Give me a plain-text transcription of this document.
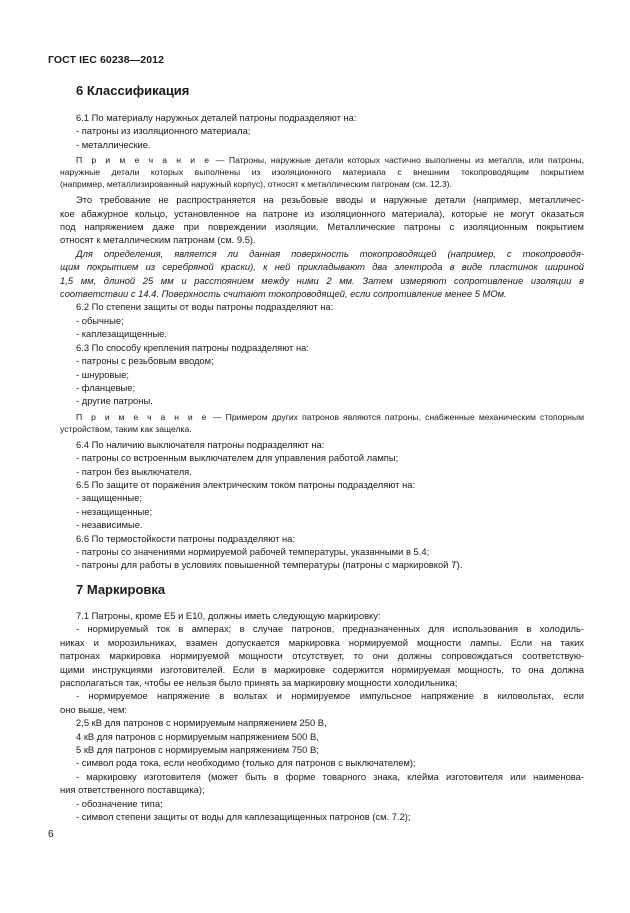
ГОСТ IEC 60238—2012
6 Классификация

6.1 По материалу наружных деталей патроны подразделяют на:

- патроны из изоляционного материала;

- металлические.

П р и м е ч а н и е — Патроны, наружные детали которых частично выполнены из металла, или патроны,

наружные детали которых выполнены из изоляционного материала с внешним токопроводящим покрытием

(например, металлизированный наружный корпус), относят к металлическим патронам (см. 12.3).

Это требование не распространяется на резьбовые вводы и наружные детали (например, металличес-

кое абажурное кольцо, установленное на патроне из изоляционного материала), которые не могут оказаться

под напряжением даже при повреждении изоляции. Металлические патроны с изоляционным покрытием

относят к металлическим патронам (см. 9.5).

Для определения, является ли данная поверхность токопроводящей (например, с токопроводя-

щим покрытием из серебряной краски), к ней прикладывают два электрода в виде пластинок шириной

1,5 мм, длиной 25 мм и расстоянием между ними 2 мм. Затем измеряют сопротивление изоляции в

соответствии с 14.4. Поверхность считают токопроводящей, если сопротивление менее 5 МОм.

6.2 По степени защиты от воды патроны подразделяют на:

- обычные;

- каплезащищенные.

6.3 По способу крепления патроны подразделяют на:

- патроны с резьбовым вводом;

- шнуровые;

- фланцевые;

- другие патроны.

П р и м е ч а н и е — Примером других патронов являются патроны, снабженные механическим стопорным

устройством, таким как защелка.

6.4 По наличию выключателя патроны подразделяют на:

- патроны со встроенным выключателем для управления работой лампы;

- патрон без выключателя.

6.5 По защите от поражения электрическим током патроны подразделяют на:

- защищенные;

- незащищенные;

- независимые.

6.6 По термостойкости патроны подразделяют на:

- патроны со значениями нормируемой рабочей температуры, указанными в 5.4;

- патроны для работы в условиях повышенной температуры (патроны с маркировкой T).

7 Маркировка

7.1 Патроны, кроме Е5 и Е10, должны иметь следующую маркировку:

- нормируемый ток в амперах; в случае патронов, предназначенных для использования в холодиль-

никах и морозильниках, взамен допускается маркировка нормируемой мощности лампы. Если на таких

патронах маркировка нормируемой мощности отсутствует, то они должны сопровождаться соответствую-

щими инструкциями изготовителей. Если в маркировке содержится нормируемая мощность, то она должна

располагаться так, чтобы ее нельзя было принять за маркировку мощности холодильника;

- нормируемое напряжение в вольтах и нормируемое импульсное напряжение в киловольтах, если

оно выше, чем:

2,5 кВ для патронов с нормируемым напряжением 250 В,

4 кВ для патронов с нормируемым напряжением 500 В,

5 кВ для патронов с нормируемым напряжением 750 В;

- символ рода тока, если необходимо (только для патронов с выключателем);

- маркировку изготовителя (может быть в форме товарного знака, клейма изготовителя или наименова-

ния ответственного поставщика);

- обозначение типа;

- символ степени защиты от воды для каплезащищенных патронов (см. 7.2);

6
